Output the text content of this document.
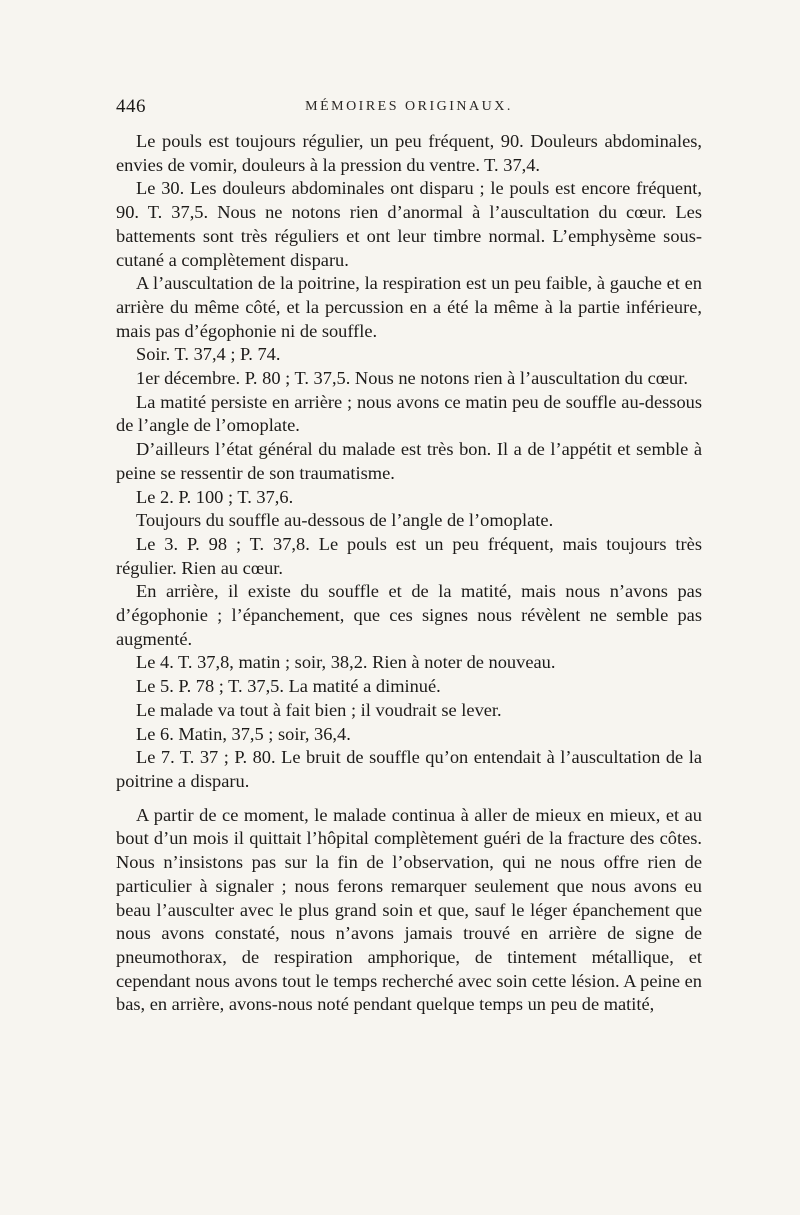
446	MÉMOIRES ORIGINAUX.

Le pouls est toujours régulier, un peu fréquent, 90. Douleurs abdominales, envies de vomir, douleurs à la pression du ventre. T. 37,4.

Le 30. Les douleurs abdominales ont disparu ; le pouls est encore fréquent, 90. T. 37,5. Nous ne notons rien d’anormal à l’auscultation du cœur. Les battements sont très réguliers et ont leur timbre normal. L’emphysème sous-cutané a complètement disparu.

A l’auscultation de la poitrine, la respiration est un peu faible, à gauche et en arrière du même côté, et la percussion en a été la même à la partie inférieure, mais pas d’égophonie ni de souffle.

Soir. T. 37,4 ; P. 74.

1er décembre. P. 80 ; T. 37,5. Nous ne notons rien à l’auscultation du cœur.

La matité persiste en arrière ; nous avons ce matin peu de souffle au-dessous de l’angle de l’omoplate.

D’ailleurs l’état général du malade est très bon. Il a de l’appétit et semble à peine se ressentir de son traumatisme.

Le 2. P. 100 ; T. 37,6.

Toujours du souffle au-dessous de l’angle de l’omoplate.

Le 3. P. 98 ; T. 37,8. Le pouls est un peu fréquent, mais toujours très régulier. Rien au cœur.

En arrière, il existe du souffle et de la matité, mais nous n’avons pas d’égophonie ; l’épanchement, que ces signes nous révèlent ne semble pas augmenté.

Le 4. T. 37,8, matin ; soir, 38,2. Rien à noter de nouveau.

Le 5. P. 78 ; T. 37,5. La matité a diminué.

Le malade va tout à fait bien ; il voudrait se lever.

Le 6. Matin, 37,5 ; soir, 36,4.

Le 7. T. 37 ; P. 80. Le bruit de souffle qu’on entendait à l’auscultation de la poitrine a disparu.

A partir de ce moment, le malade continua à aller de mieux en mieux, et au bout d’un mois il quittait l’hôpital complètement guéri de la fracture des côtes. Nous n’insistons pas sur la fin de l’observation, qui ne nous offre rien de particulier à signaler ; nous ferons remarquer seulement que nous avons eu beau l’ausculter avec le plus grand soin et que, sauf le léger épanchement que nous avons constaté, nous n’avons jamais trouvé en arrière de signe de pneumothorax, de respiration amphorique, de tintement métallique, et cependant nous avons tout le temps recherché avec soin cette lésion. A peine en bas, en arrière, avons-nous noté pendant quelque temps un peu de matité,
